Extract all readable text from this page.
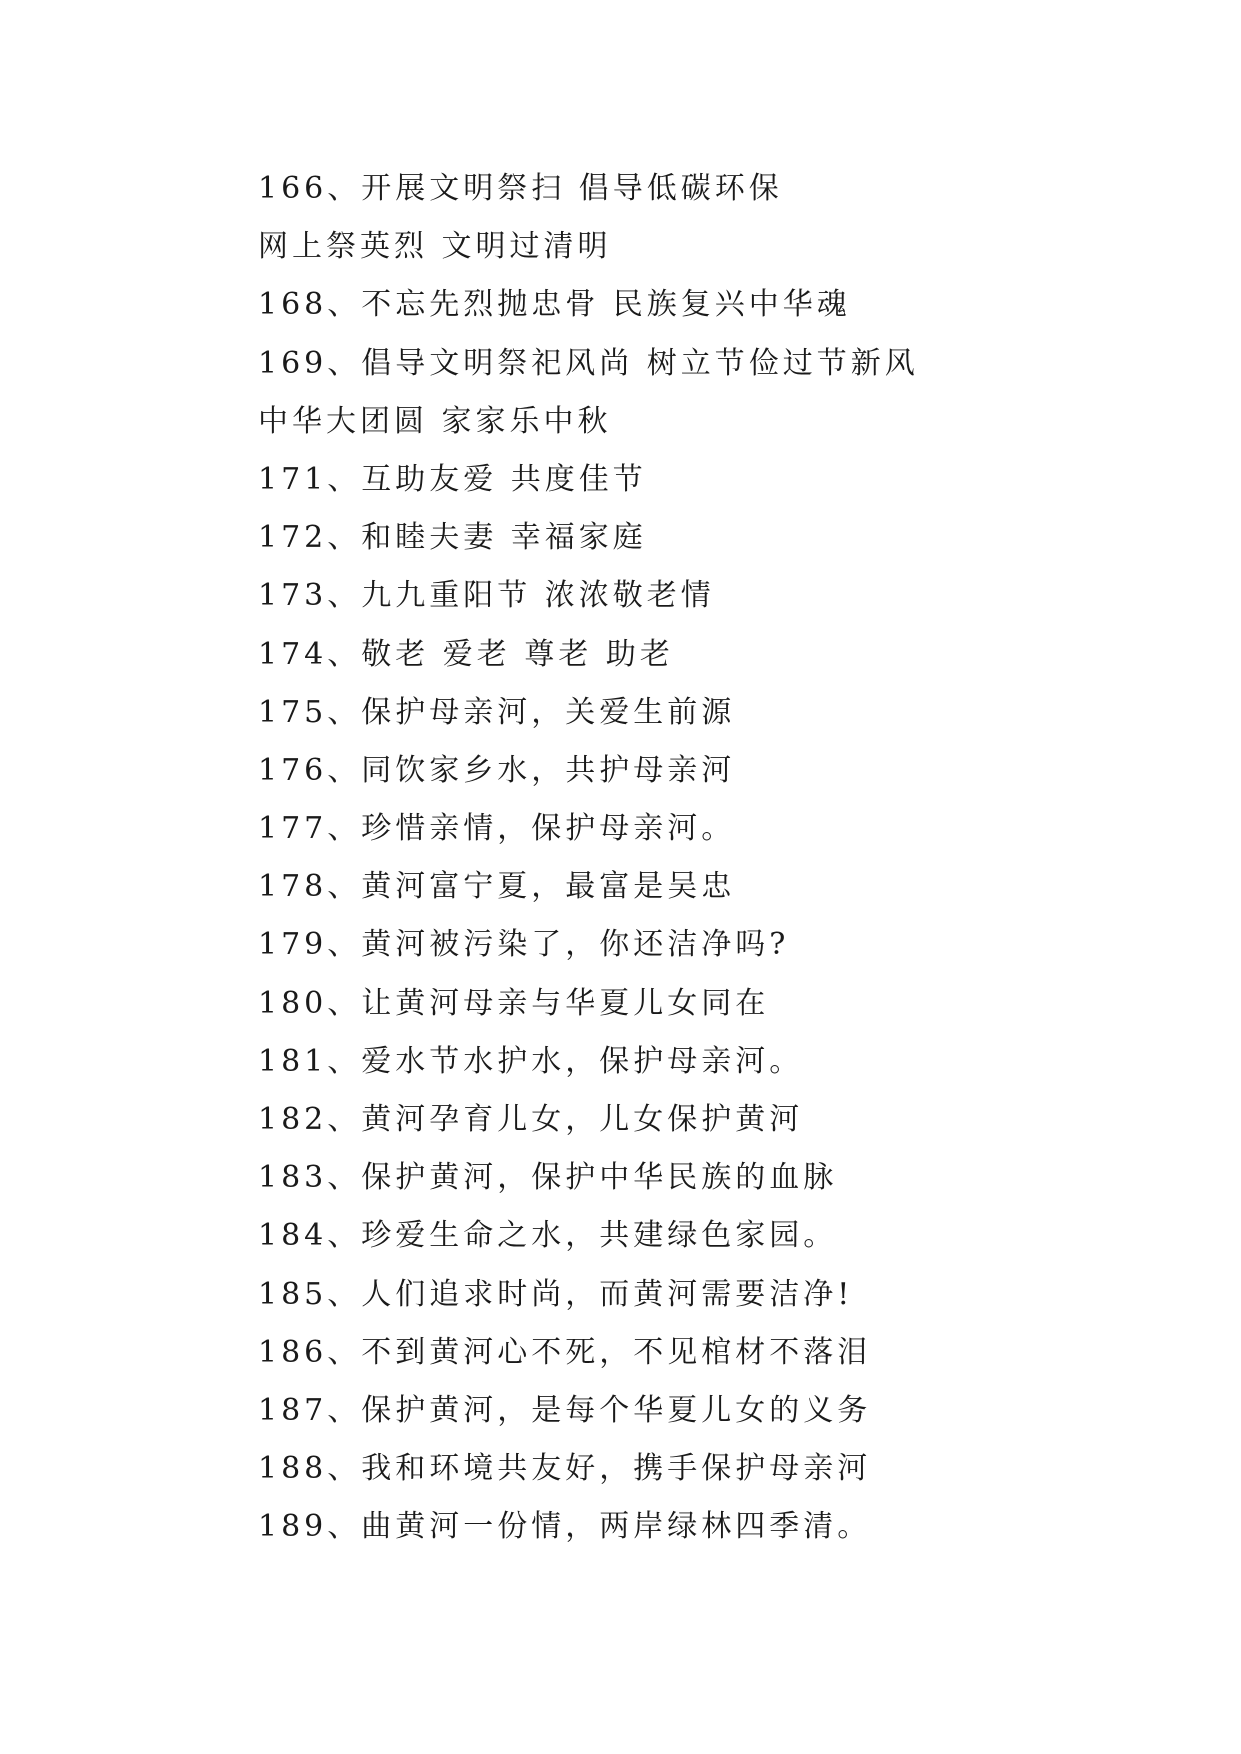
166、开展文明祭扫 倡导低碳环保
网上祭英烈 文明过清明
168、不忘先烈抛忠骨 民族复兴中华魂
169、倡导文明祭祀风尚 树立节俭过节新风
中华大团圆 家家乐中秋
171、互助友爱 共度佳节
172、和睦夫妻 幸福家庭
173、九九重阳节 浓浓敬老情
174、敬老 爱老 尊老 助老
175、保护母亲河，关爱生前源
176、同饮家乡水，共护母亲河
177、珍惜亲情，保护母亲河。
178、黄河富宁夏，最富是吴忠
179、黄河被污染了，你还洁净吗?
180、让黄河母亲与华夏儿女同在
181、爱水节水护水，保护母亲河。
182、黄河孕育儿女，儿女保护黄河
183、保护黄河，保护中华民族的血脉
184、珍爱生命之水，共建绿色家园。
185、人们追求时尚，而黄河需要洁净!
186、不到黄河心不死，不见棺材不落泪
187、保护黄河，是每个华夏儿女的义务
188、我和环境共友好，携手保护母亲河
189、曲黄河一份情，两岸绿林四季清。
